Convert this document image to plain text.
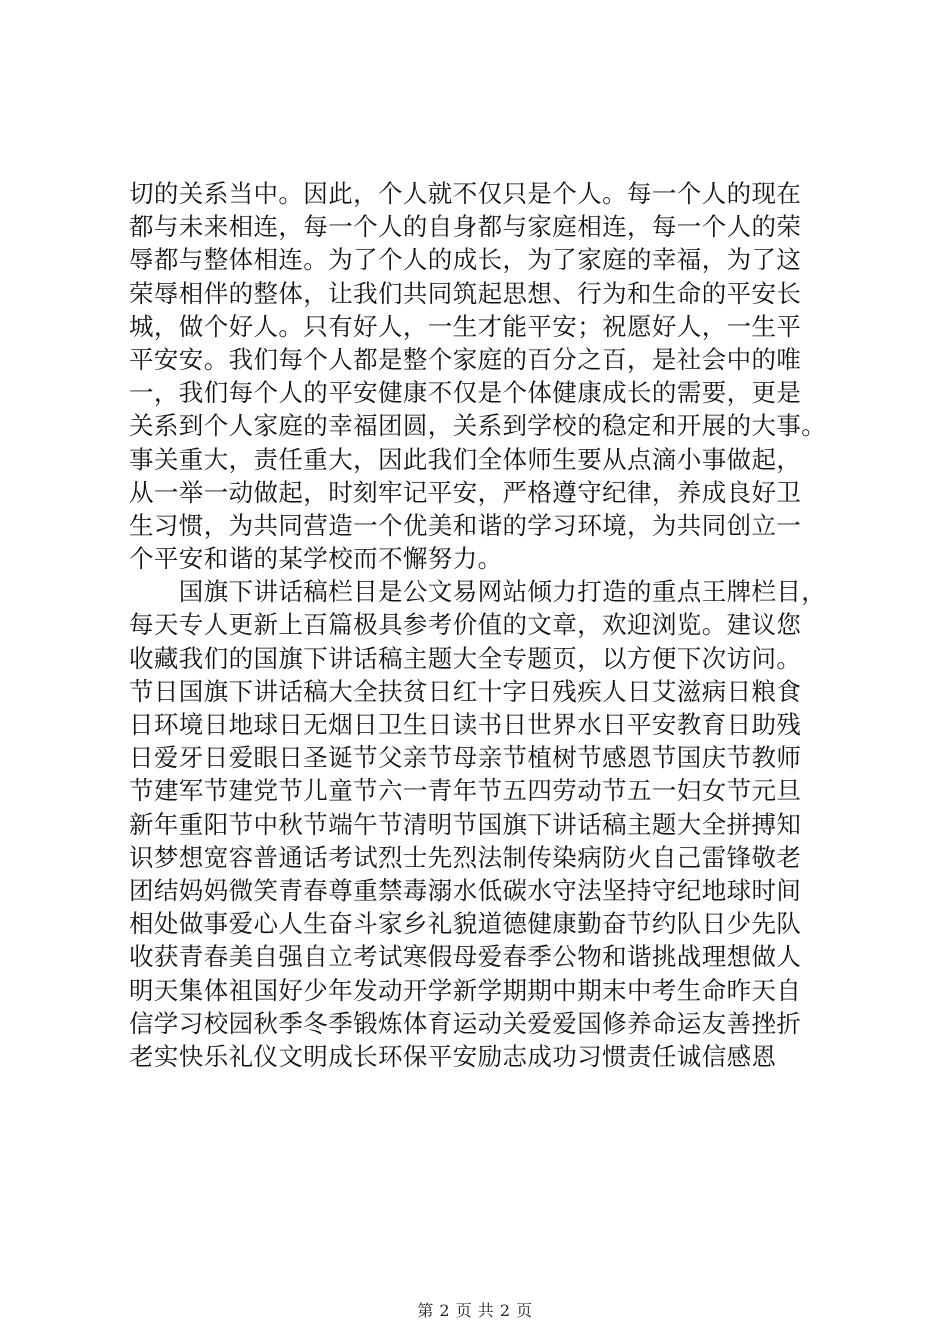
切的关系当中。因此，个人就不仅只是个人。每一个人的现在
都与未来相连，每一个人的自身都与家庭相连，每一个人的荣
辱都与整体相连。为了个人的成长，为了家庭的幸福，为了这
荣辱相伴的整体，让我们共同筑起思想、行为和生命的平安长
城，做个好人。只有好人，一生才能平安；祝愿好人，一生平
平安安。我们每个人都是整个家庭的百分之百，是社会中的唯
一，我们每个人的平安健康不仅是个体健康成长的需要，更是
关系到个人家庭的幸福团圆，关系到学校的稳定和开展的大事。
事关重大，责任重大，因此我们全体师生要从点滴小事做起，
从一举一动做起，时刻牢记平安，严格遵守纪律，养成良好卫
生习惯，为共同营造一个优美和谐的学习环境，为共同创立一
个平安和谐的某学校而不懈努力。
　　国旗下讲话稿栏目是公文易网站倾力打造的重点王牌栏目，
每天专人更新上百篇极具参考价值的文章，欢迎浏览。建议您
收藏我们的国旗下讲话稿主题大全专题页，以方便下次访问。
节日国旗下讲话稿大全扶贫日红十字日残疾人日艾滋病日粮食
日环境日地球日无烟日卫生日读书日世界水日平安教育日助残
日爱牙日爱眼日圣诞节父亲节母亲节植树节感恩节国庆节教师
节建军节建党节儿童节六一青年节五四劳动节五一妇女节元旦
新年重阳节中秋节端午节清明节国旗下讲话稿主题大全拼搏知
识梦想宽容普通话考试烈士先烈法制传染病防火自己雷锋敬老
团结妈妈微笑青春尊重禁毒溺水低碳水守法坚持守纪地球时间
相处做事爱心人生奋斗家乡礼貌道德健康勤奋节约队日少先队
收获青春美自强自立考试寒假母爱春季公物和谐挑战理想做人
明天集体祖国好少年发动开学新学期期中期末中考生命昨天自
信学习校园秋季冬季锻炼体育运动关爱爱国修养命运友善挫折
老实快乐礼仪文明成长环保平安励志成功习惯责任诚信感恩
第 2 页 共 2 页
